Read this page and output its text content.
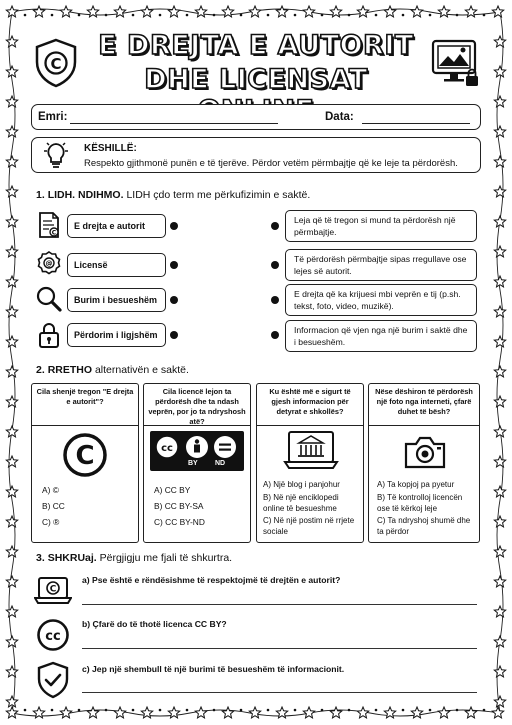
C
E DREJTA E AUTORIT
DHE LICENSAT
Emri:	Data:
KËSHILLË:
Respekto gjithmonë punën e të tjerëve. Përdor vetëm përmbajtje që ke leje ta përdorësh.
1. LIDH. NDIHMO. LIDH çdo term me përkufizimin e saktë.
C
@
E drejta e autorit
Licensë
Burim i besueshëm
Përdorim i ligjshëm
Leja që të tregon si mund ta përdorësh një përmbajtje.
Të përdorësh përmbajtje sipas rregullave ose lejes së autorit.
E drejta që ka krijuesi mbi veprën e tij (p.sh. tekst, foto, video, muzikë).
Informacion që vjen nga një burim i saktë dhe i besueshëm.
2. RRETHO alternativën e saktë.
Cila shenjë tregon "E drejta e autorit"?
C
A) ©
B) CC
C) ®
Cila licencë lejon ta përdorësh dhe ta ndash veprën, por jo ta ndryshosh atë?
cc
BY ND
A) CC BY
B) CC BY-SA
C) CC BY-ND
Ku është më e sigurt të gjesh informacion për detyrat e shkollës?
A) Një blog i panjohur
B) Në një enciklopedi online të besueshme
C) Në një postim në rrjete sociale
Nëse dëshiron të përdorësh një foto nga interneti, çfarë duhet të bësh?
A) Ta kopjoj pa pyetur
B) Të kontrolloj licencën ose të kërkoj leje
C) Ta ndryshoj shumë dhe ta përdor
3. SHKRUaj. Përgjigju me fjali të shkurtra.
C
a) Pse është e rëndësishme të respektojmë të drejtën e autorit?
cc
b) Çfarë do të thotë licenca CC BY?
c) Jep një shembull të një burimi të besueshëm të informacionit.
